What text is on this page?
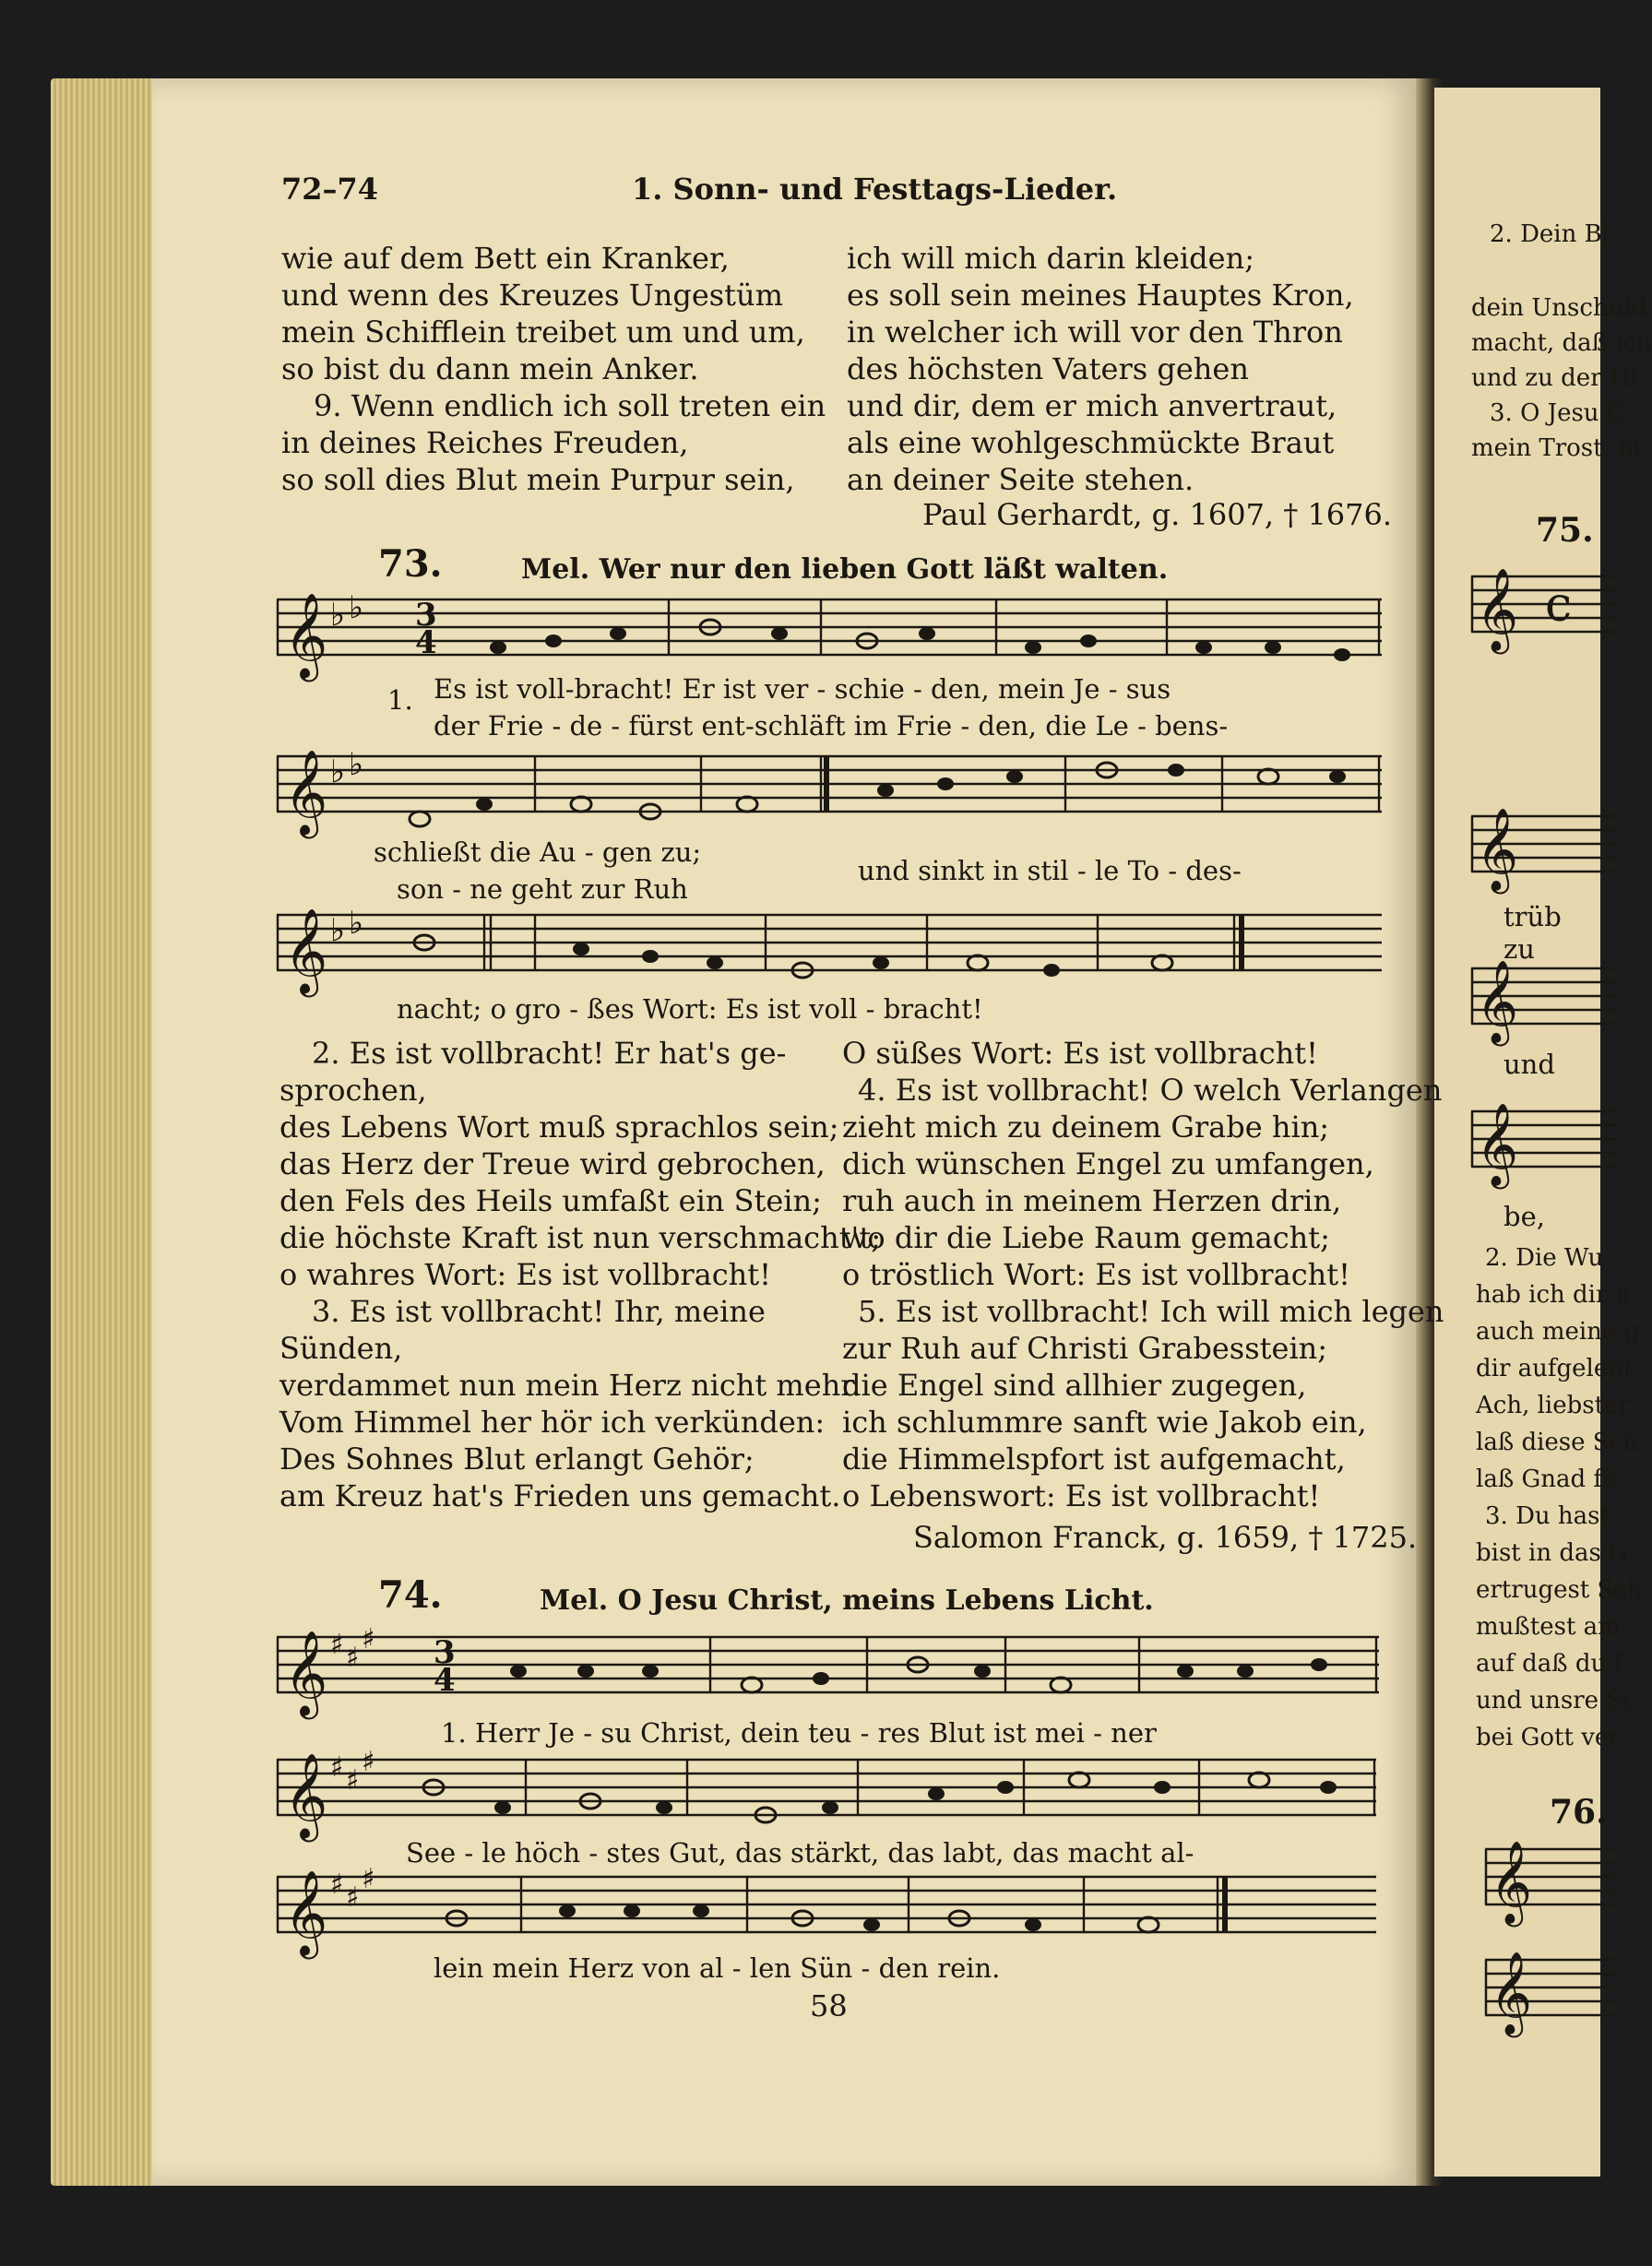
2. Dein Bl
dein Unschuld
macht, daß ich
und zu der Hi
3. O Jesu C
mein Trost, m
75.
𝄞 c
𝄞
trüb
zu
𝄞
und
𝄞
be,
2. Die Wu
hab ich dir h
auch meine g
dir aufgelegt
Ach, liebster
laß diese Sch
laß Gnad fü
3. Du hast
bist in das G
ertrugest Sch
mußtest am
auf daß du f
und unsre Sc
bei Gott ver
76.
𝄞
𝄞
72–74	1. Sonn- und Festtags-Lieder.
wie auf dem Bett ein Kranker,
und wenn des Kreuzes Ungestüm
mein Schifflein treibet um und um,
so bist du dann mein Anker.
9. Wenn endlich ich soll treten ein
in deines Reiches Freuden,
so soll dies Blut mein Purpur sein,
ich will mich darin kleiden;
es soll sein meines Hauptes Kron,
in welcher ich will vor den Thron
des höchsten Vaters gehen
und dir, dem er mich anvertraut,
als eine wohlgeschmückte Braut
an deiner Seite stehen.
Paul Gerhardt, g. 1607, † 1676.
73.	Mel. Wer nur den lieben Gott läßt walten.
𝄞 ♭ ♭ 3
4
1. Es ist voll-bracht! Er ist ver - schie - den, mein Je - sus
der Frie - de - fürst ent-schläft im Frie - den, die Le - bens-
𝄞 ♭ ♭
schließt die Au - gen zu;
son - ne geht zur Ruh
und sinkt in stil - le To - des-
𝄞 ♭ ♭
nacht; o gro - ßes Wort: Es ist voll - bracht!
2. Es ist vollbracht! Er hat's ge-
sprochen,
des Lebens Wort muß sprachlos sein;
das Herz der Treue wird gebrochen,
den Fels des Heils umfaßt ein Stein;
die höchste Kraft ist nun verschmacht't;
o wahres Wort: Es ist vollbracht!
3. Es ist vollbracht! Ihr, meine
Sünden,
verdammet nun mein Herz nicht mehr.
Vom Himmel her hör ich verkünden:
Des Sohnes Blut erlangt Gehör;
am Kreuz hat's Frieden uns gemacht.
O süßes Wort: Es ist vollbracht!
4. Es ist vollbracht! O welch Verlangen
zieht mich zu deinem Grabe hin;
dich wünschen Engel zu umfangen,
ruh auch in meinem Herzen drin,
wo dir die Liebe Raum gemacht;
o tröstlich Wort: Es ist vollbracht!
5. Es ist vollbracht! Ich will mich legen
zur Ruh auf Christi Grabesstein;
die Engel sind allhier zugegen,
ich schlummre sanft wie Jakob ein,
die Himmelspfort ist aufgemacht,
o Lebenswort: Es ist vollbracht!
Salomon Franck, g. 1659, † 1725.
74.	Mel. O Jesu Christ, meins Lebens Licht.
𝄞 ♯ ♯
♯ 3
4
1. Herr Je - su Christ, dein teu - res Blut ist mei - ner
𝄞 ♯ ♯
♯
See - le höch - stes Gut, das stärkt, das labt, das macht al-
𝄞 ♯ ♯
♯
lein mein Herz von al - len Sün - den rein.
58
